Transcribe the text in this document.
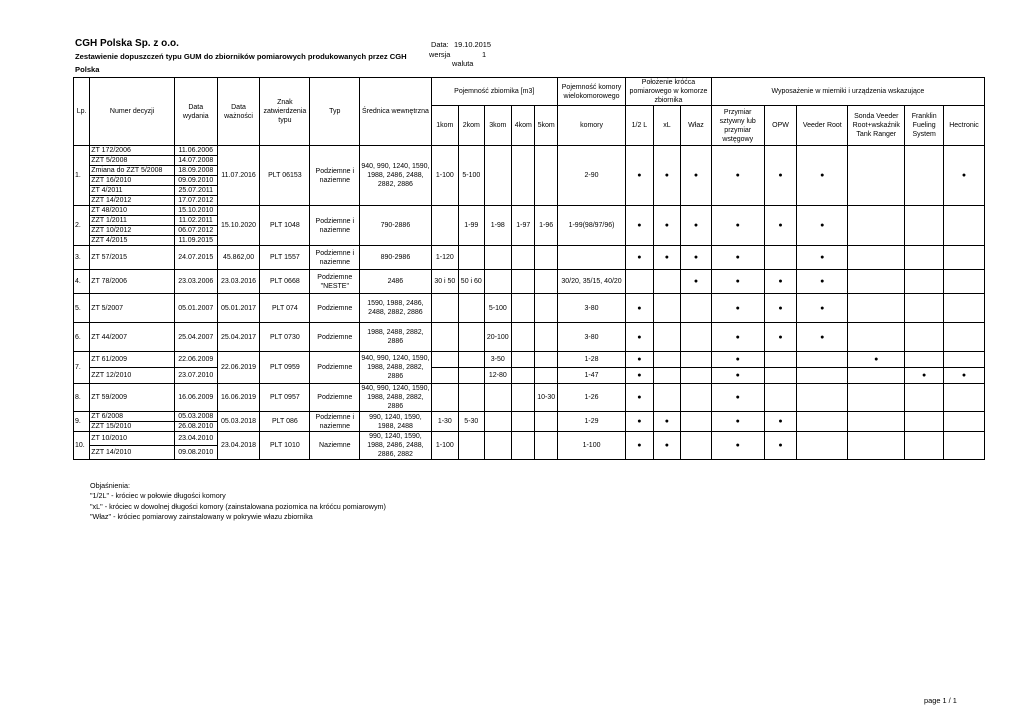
CGH Polska Sp. z o.o.
Zestawienie dopuszczeń typu GUM do zbiorników pomiarowych produkowanych przez CGH Polska
Data: 19.10.2015
wersja	1
waluta
Lp.	Numer decyzji	Data wydania	Data ważności	Znak zatwierdzenia typu	Typ	Średnica wewnętrzna	Pojemność zbiornika [m3]					Pojemność komory wielokomorowego	Położenie króćca pomiarowego w komorze zbiornika			Wyposażenie w mierniki i urządzenia wskazujące					
							1kom	2kom	3kom	4kom	5kom	komory	1/2 L	xL	Właz	Przymiar sztywny lub przymiar wstęgowy	OPW	Veeder Root	Sonda Veeder Root+wskaźnik Tank Ranger	Franklin Fueling System	Hectronic
1.	ZT 172/2006	11.06.2006	11.07.2016	PLT 06153	Podziemne i naziemne	940, 990, 1240, 1590, 1988, 2486, 2488, 2882, 2886	1-100	5-100				2-90	●	●	●	●	●	●			●
	ZZT 5/2008	14.07.2008																			
	Zmiana do ZZT 5/2008	18.09.2008																			
	ZZT 16/2010	09.09.2010																			
	ZT 4/2011	25.07.2011																			
	ZZT 14/2012	17.07.2012																			
2.	ZT 48/2010	15.10.2010	15.10.2020	PLT 1048	Podziemne i naziemne	790-2886		1-99	1-98	1-97	1-96	1-99(98/97/96)	●	●	●	●	●	●			
	ZZT 1/2011	11.02.2011																			
	ZZT 10/2012	06.07.2012																			
	ZZT 4/2015	11.09.2015																			
3.	ZT 57/2015	24.07.2015	45.862,00	PLT 1557	Podziemne i naziemne	890-2986	1-120						●	●	●	●		●			
4.	ZT 78/2006	23.03.2006	23.03.2016	PLT 0668	Podziemne "NESTE"	2486	30 i 50	50 i 60				30/20, 35/15, 40/20			●	●	●	●			
5.	ZT 5/2007	05.01.2007	05.01.2017	PLT 074	Podziemne	1590, 1988, 2486, 2488, 2882, 2886			5-100			3-80	●			●	●	●			
6.	ZT 44/2007	25.04.2007	25.04.2017	PLT 0730	Podziemne	1988, 2488, 2882, 2886			20-100			3-80	●			●	●	●			
7.	ZT 61/2009	22.06.2009	22.06.2019	PLT 0959	Podziemne	940, 990, 1240, 1590, 1988, 2488, 2882, 2886			3-50			1-28	●			●			●		
	ZZT 12/2010	23.07.2010							12-80			1-47	●			●				●	●
8.	ZT 59/2009	16.06.2009	16.06.2019	PLT 0957	Podziemne	940, 990, 1240, 1590, 1988, 2488, 2882, 2886					10-30	1-26	●			●					
9.	ZT 6/2008	05.03.2008	05.03.2018	PLT 086	Podziemne i naziemne	990, 1240, 1590, 1988, 2488	1-30	5-30				1-29	●	●		●	●				
	ZZT 15/2010	26.08.2010																			
10.	ZT 10/2010	23.04.2010	23.04.2018	PLT 1010	Naziemne	990, 1240, 1590, 1988, 2486, 2488, 2886, 2882	1-100					1-100	●	●		●	●				
	ZZT 14/2010	09.08.2010																			
Objaśnienia:
"1/2L" - króciec w połowie długości komory
"xL" - króciec w dowolnej długości komory (zainstalowana poziomica na króćcu pomiarowym)
"Właz" - króciec pomiarowy zainstalowany w pokrywie włazu zbiornika
page 1 / 1
